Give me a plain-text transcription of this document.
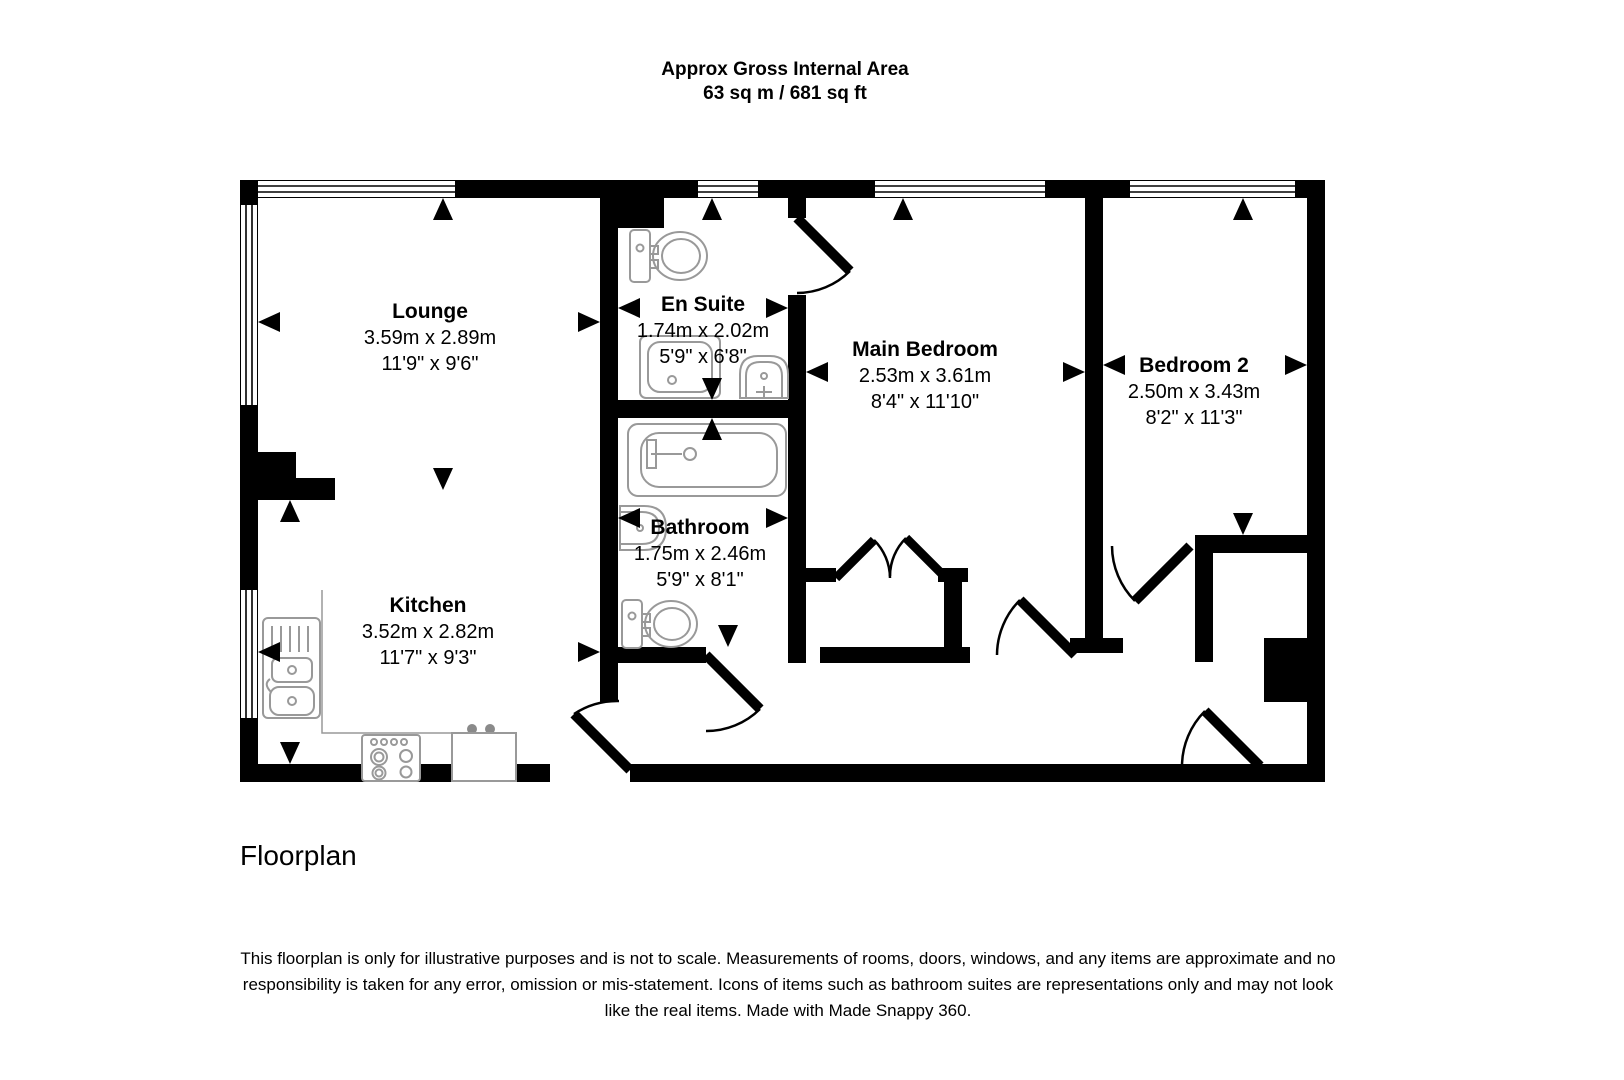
Approx Gross Internal Area
63 sq m / 681 sq ft
Lounge
3.59m x 2.89m
11'9" x 9'6"
En Suite
1.74m x 2.02m
5'9" x 6'8"	Main Bedroom
2.53m x 3.61m
8'4" x 11'10"
Bedroom 2
2.50m x 3.43m
8'2" x 11'3"
Bathroom
1.75m x 2.46m
5'9" x 8'1"
Kitchen
3.52m x 2.82m
11'7" x 9'3"
Floorplan
This floorplan is only for illustrative purposes and is not to scale. Measurements of rooms, doors, windows, and any items are approximate and no responsibility is taken for any error, omission or mis-statement. Icons of items such as bathroom suites are representations only and may not look like the real items. Made with Made Snappy 360.
